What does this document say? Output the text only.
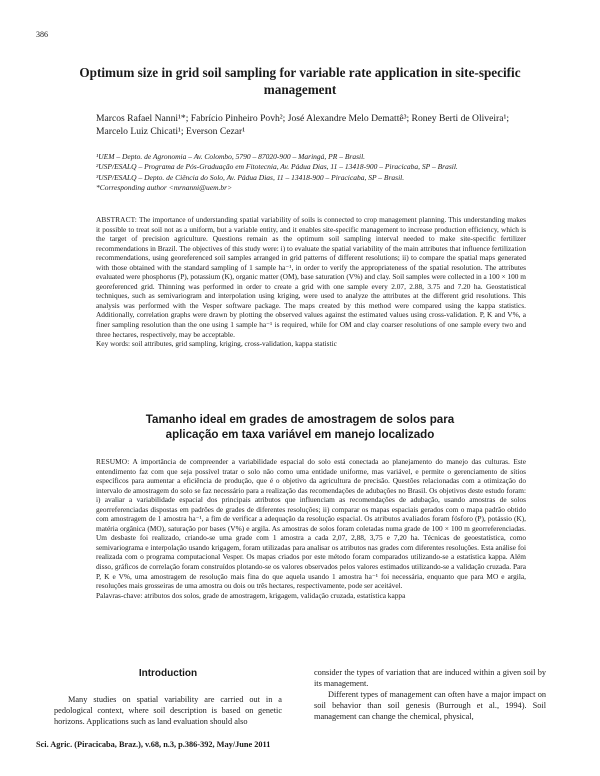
386
Optimum size in grid soil sampling for variable rate application in site-specific management
Marcos Rafael Nanni¹*; Fabrício Pinheiro Povh²; José Alexandre Melo Demattê³; Roney Berti de Oliveira¹; Marcelo Luiz Chicati¹; Everson Cezar¹
¹UEM – Depto. de Agronomia – Av. Colombo, 5790 – 87020-900 – Maringá, PR – Brasil.
²USP/ESALQ – Programa de Pós-Graduação em Fitotecnia, Av. Pádua Dias, 11 – 13418-900 – Piracicaba, SP – Brasil.
³USP/ESALQ – Depto. de Ciência do Solo, Av. Pádua Dias, 11 – 13418-900 – Piracicaba, SP – Brasil.
*Corresponding author <mrnanni@uem.br>
ABSTRACT: The importance of understanding spatial variability of soils is connected to crop management planning. This understanding makes it possible to treat soil not as a uniform, but a variable entity, and it enables site-specific management to increase production efficiency, which is the target of precision agriculture. Questions remain as the optimum soil sampling interval needed to make site-specific fertilizer recommendations in Brazil. The objectives of this study were: i) to evaluate the spatial variability of the main attributes that influence fertilization recommendations, using georeferenced soil samples arranged in grid patterns of different resolutions; ii) to compare the spatial maps generated with those obtained with the standard sampling of 1 sample ha⁻¹, in order to verify the appropriateness of the spatial resolution. The attributes evaluated were phosphorus (P), potassium (K), organic matter (OM), base saturation (V%) and clay. Soil samples were collected in a 100 × 100 m georeferenced grid. Thinning was performed in order to create a grid with one sample every 2.07, 2.88, 3.75 and 7.20 ha. Geostatistical techniques, such as semivariogram and interpolation using kriging, were used to analyze the attributes at the different grid resolutions. This analysis was performed with the Vesper software package. The maps created by this method were compared using the kappa statistics. Additionally, correlation graphs were drawn by plotting the observed values against the estimated values using cross-validation. P, K and V%, a finer sampling resolution than the one using 1 sample ha⁻¹ is required, while for OM and clay coarser resolutions of one sample every two and three hectares, respectively, may be acceptable.
Key words: soil attributes, grid sampling, kriging, cross-validation, kappa statistic
Tamanho ideal em grades de amostragem de solos para aplicação em taxa variável em manejo localizado
RESUMO: A importância de compreender a variabilidade espacial do solo está conectada ao planejamento do manejo das culturas. Este entendimento faz com que seja possível tratar o solo não como uma entidade uniforme, mas variável, e permite o gerenciamento de sítios específicos para aumentar a eficiência de produção, que é o objetivo da agricultura de precisão. Questões relacionadas com a otimização do intervalo de amostragem do solo se faz necessário para a realização das recomendações de adubações no Brasil. Os objetivos deste estudo foram: i) avaliar a variabilidade espacial dos principais atributos que influenciam as recomendações de adubação, usando amostras de solos georreferenciadas dispostas em padrões de grades de diferentes resoluções; ii) comparar os mapas espaciais gerados com o mapa padrão obtido com amostragem de 1 amostra ha⁻¹, a fim de verificar a adequação da resolução espacial. Os atributos avaliados foram fósforo (P), potássio (K), matéria orgânica (MO), saturação por bases (V%) e argila. As amostras de solos foram coletadas numa grade de 100 × 100 m georreferenciadas. Um desbaste foi realizado, criando-se uma grade com 1 amostra a cada 2,07, 2,88, 3,75 e 7,20 ha. Técnicas de geoestatística, como semivariograma e interpolação usando krigagem, foram utilizadas para analisar os atributos nas grades com diferentes resoluções. Esta análise foi realizada com o programa computacional Vesper. Os mapas criados por este método foram comparados utilizando-se a estatística kappa. Além disso, gráficos de correlação foram construídos plotando-se os valores observados pelos valores estimados utilizando-se a validação cruzada. Para P, K e V%, uma amostragem de resolução mais fina do que aquela usando 1 amostra ha⁻¹ foi necessária, enquanto que para MO e argila, resoluções mais grosseiras de uma amostra ou dois ou três hectares, respectivamente, pode ser aceitável.
Palavras-chave: atributos dos solos, grade de amostragem, krigagem, validação cruzada, estatística kappa
Introduction

Many studies on spatial variability are carried out in a pedological context, where soil description is based on genetic horizons. Applications such as land evaluation should also

consider the types of variation that are induced within a given soil by its management.

Different types of management can often have a major impact on soil behavior than soil genesis (Burrough et al., 1994). Soil management can change the chemical, physical,

Sci. Agric. (Piracicaba, Braz.), v.68, n.3, p.386-392, May/June 2011
